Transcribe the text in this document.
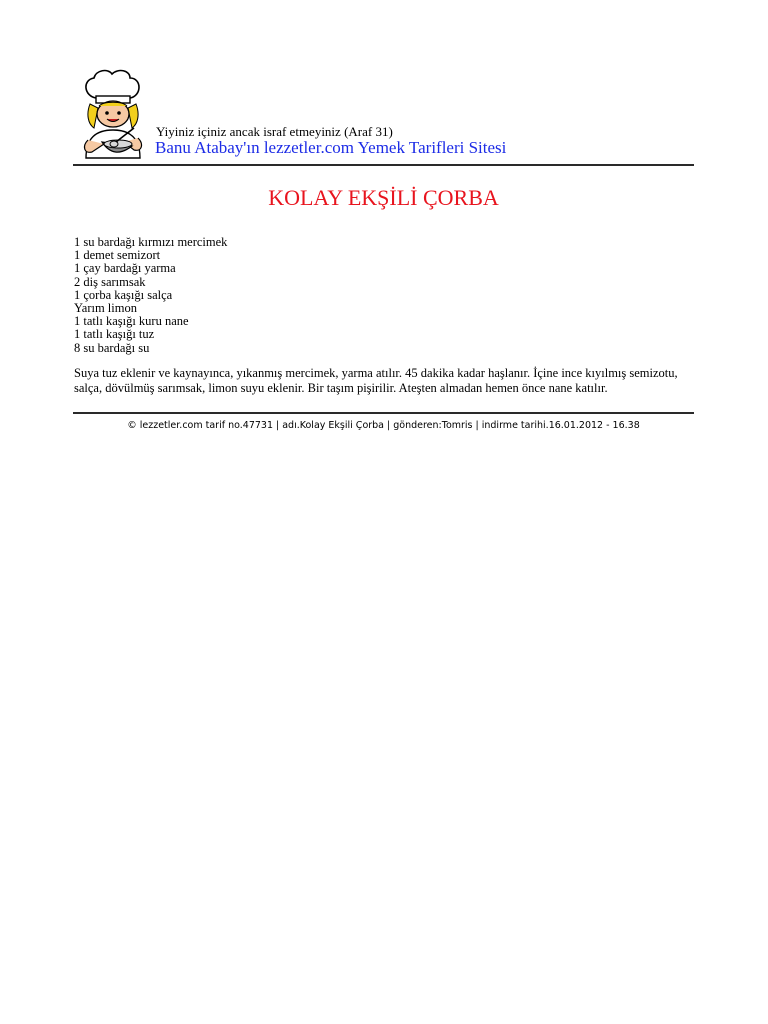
Yiyiniz içiniz ancak israf etmeyiniz (Araf 31)
Banu Atabay'ın lezzetler.com Yemek Tarifleri Sitesi
KOLAY EKŞİLİ ÇORBA
1 su bardağı kırmızı mercimek
1 demet semizort
1 çay bardağı yarma
2 diş sarımsak
1 çorba kaşığı salça
Yarım limon
1 tatlı kaşığı kuru nane
1 tatlı kaşığı tuz
8 su bardağı su

Suya tuz eklenir ve kaynayınca, yıkanmış mercimek, yarma atılır. 45 dakika kadar haşlanır. İçine ince kıyılmış semizotu, salça, dövülmüş sarımsak, limon suyu eklenir. Bir taşım pişirilir. Ateşten almadan hemen önce nane katılır.

© lezzetler.com tarif no.47731 | adı.Kolay Ekşili Çorba | gönderen:Tomris | indirme tarihi.16.01.2012 - 16.38
